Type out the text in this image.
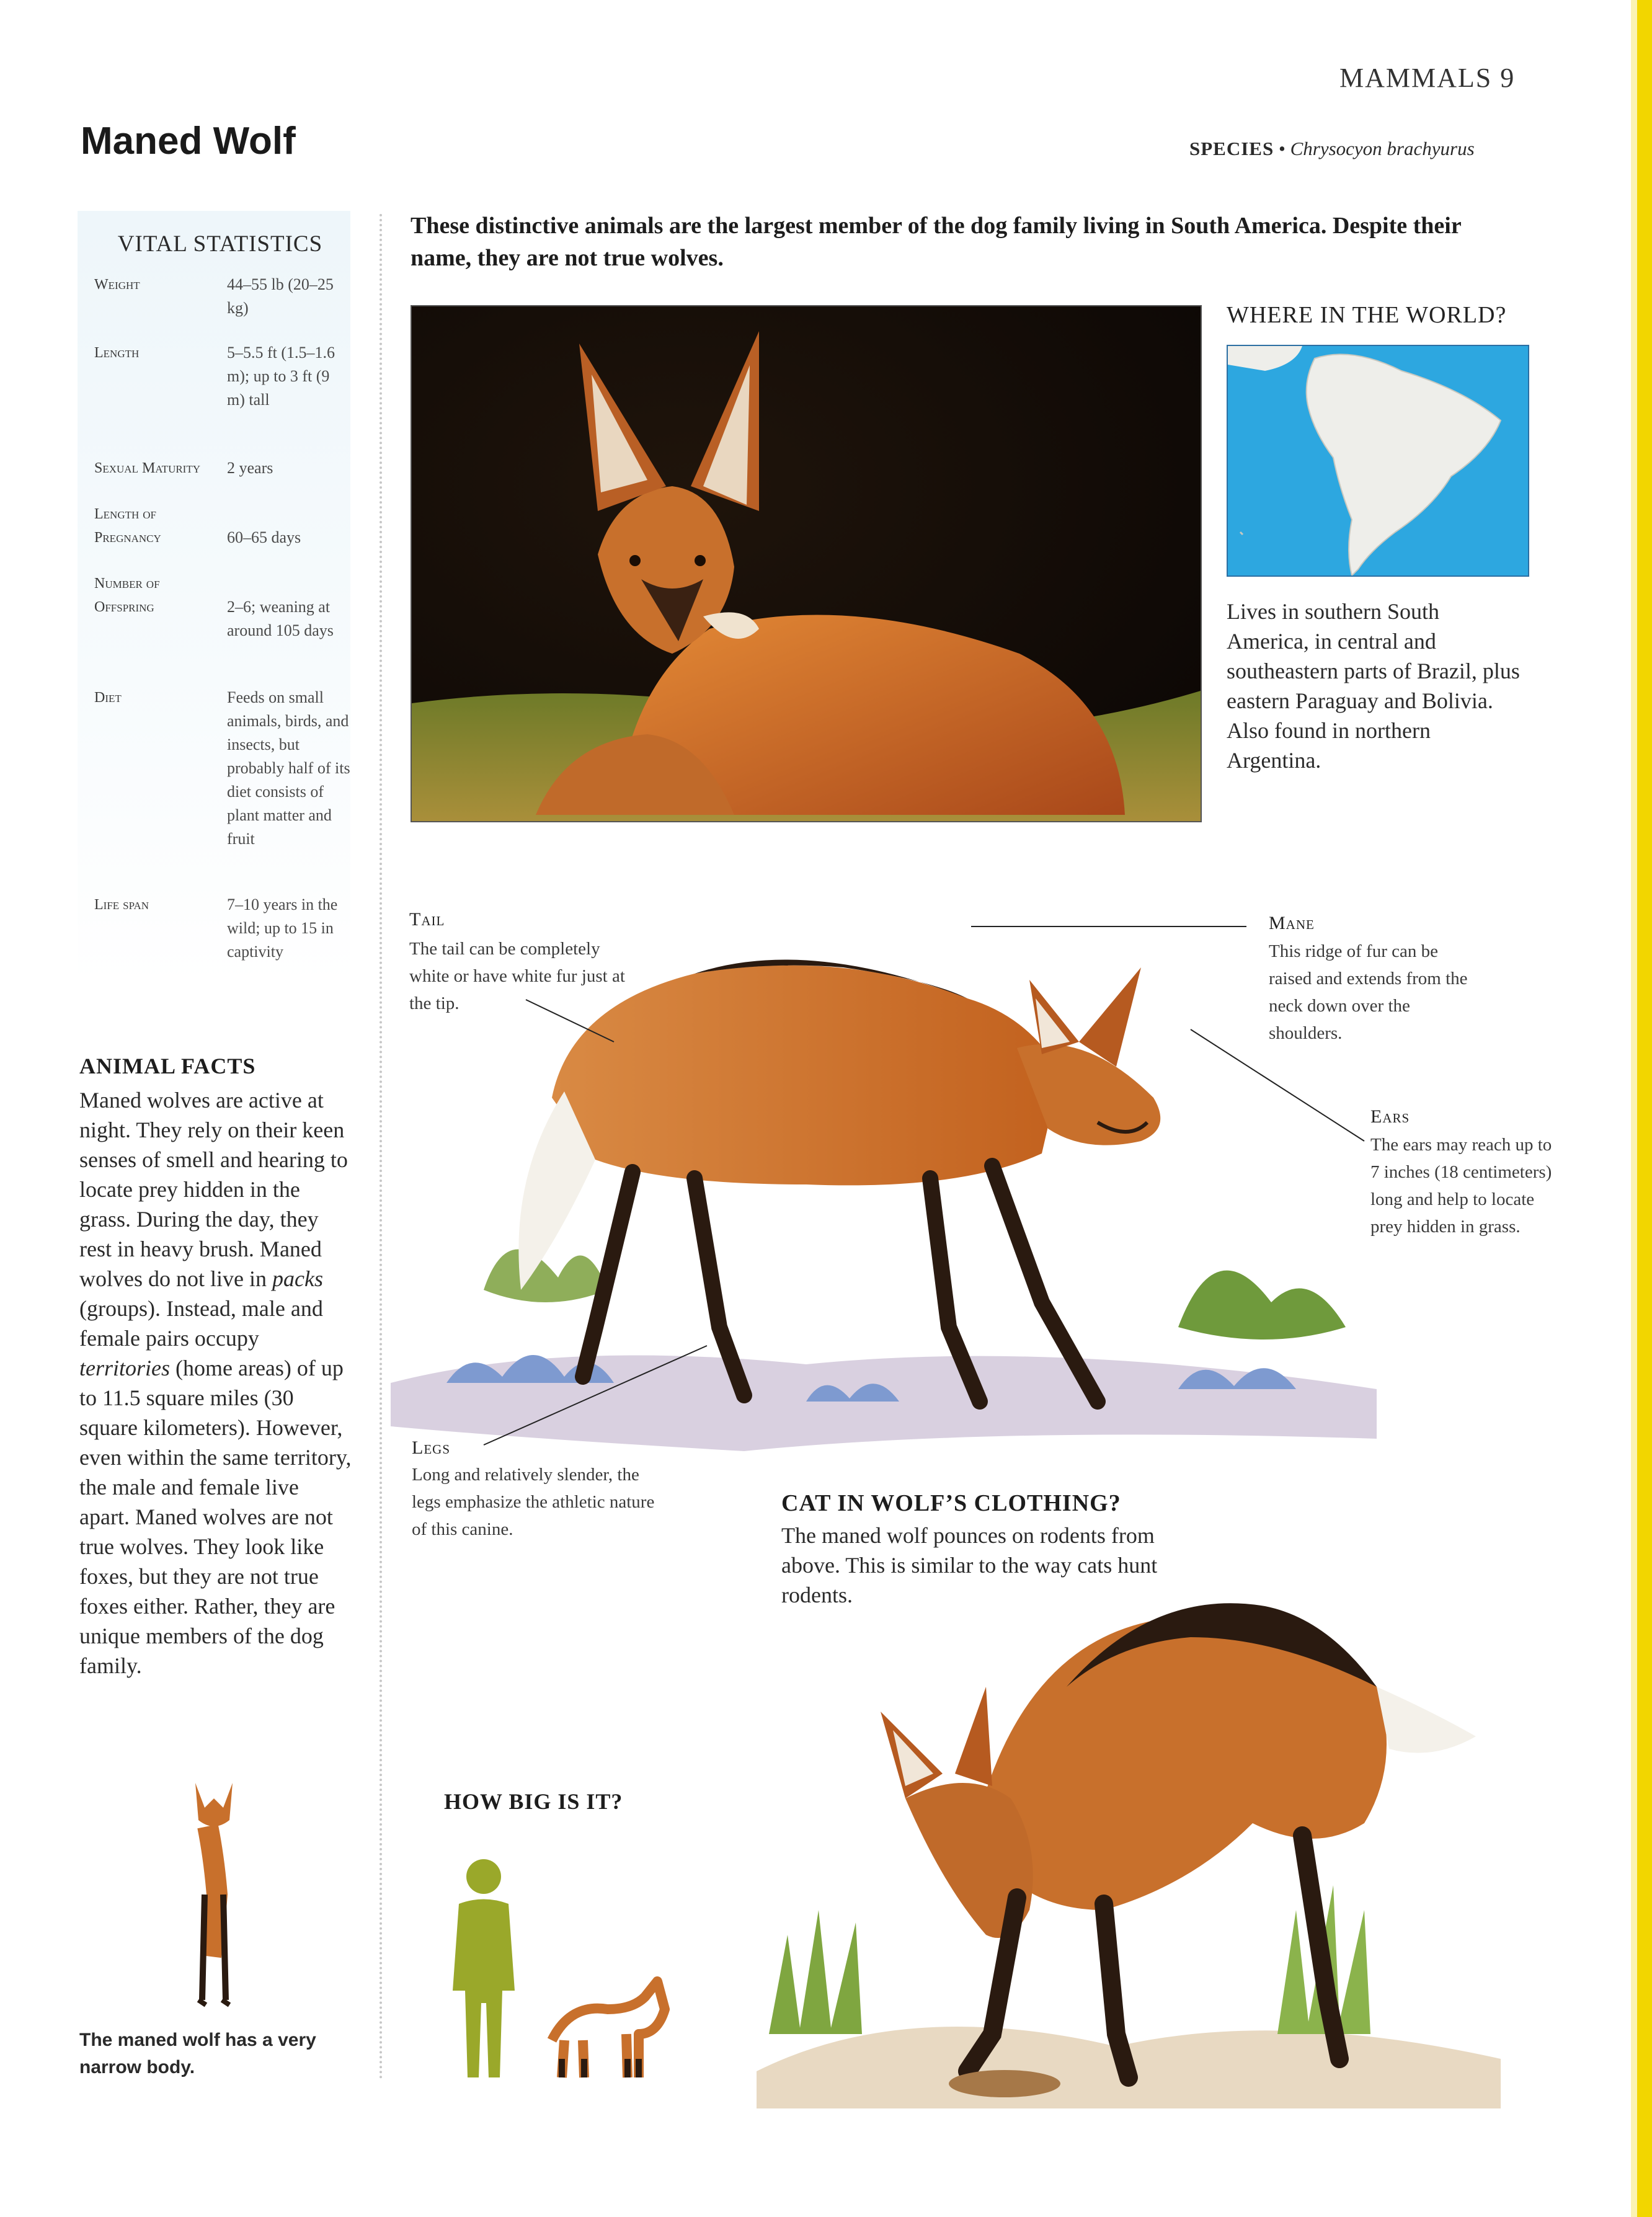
MAMMALS 9
Maned Wolf	SPECIES • Chrysocyon brachyurus
VITAL STATISTICS
Weight	44–55 lb (20–25 kg)
Length	5–5.5 ft (1.5–1.6 m); up to 3 ft (9 m) tall
Sexual Maturity	2 years
Length of Pregnancy	60–65 days
Number of Offspring	2–6; weaning at around 105 days
Diet	Feeds on small animals, birds, and insects, but probably half of its diet consists of plant matter and fruit
Life span	7–10 years in the wild; up to 15 in captivity
These distinctive animals are the largest member of the dog family living in South America. Despite their name, they are not true wolves.
WHERE IN THE WORLD?
Lives in southern South America, in central and southeastern parts of Brazil, plus eastern Paraguay and Bolivia. Also found in northern Argentina.
Tail
The tail can be completely white or have white fur just at the tip.
Mane
This ridge of fur can be raised and extends from the neck down over the shoulders.
Ears
The ears may reach up to 7 inches (18 centimeters) long and help to locate prey hidden in grass.
Legs
Long and relatively slender, the legs emphasize the athletic nature of this canine.
ANIMAL FACTS
Maned wolves are active at night. They rely on their keen senses of smell and hearing to locate prey hidden in the grass. During the day, they rest in heavy brush. Maned wolves do not live in packs (groups). Instead, male and female pairs occupy territories (home areas) of up to 11.5 square miles (30 square kilometers). However, even within the same territory, the male and female live apart. Maned wolves are not true wolves. They look like foxes, but they are not true foxes either. Rather, they are unique members of the dog family.
The maned wolf has a very narrow body.
HOW BIG IS IT?
CAT IN WOLF’S CLOTHING?
The maned wolf pounces on rodents from above. This is similar to the way cats hunt rodents.
